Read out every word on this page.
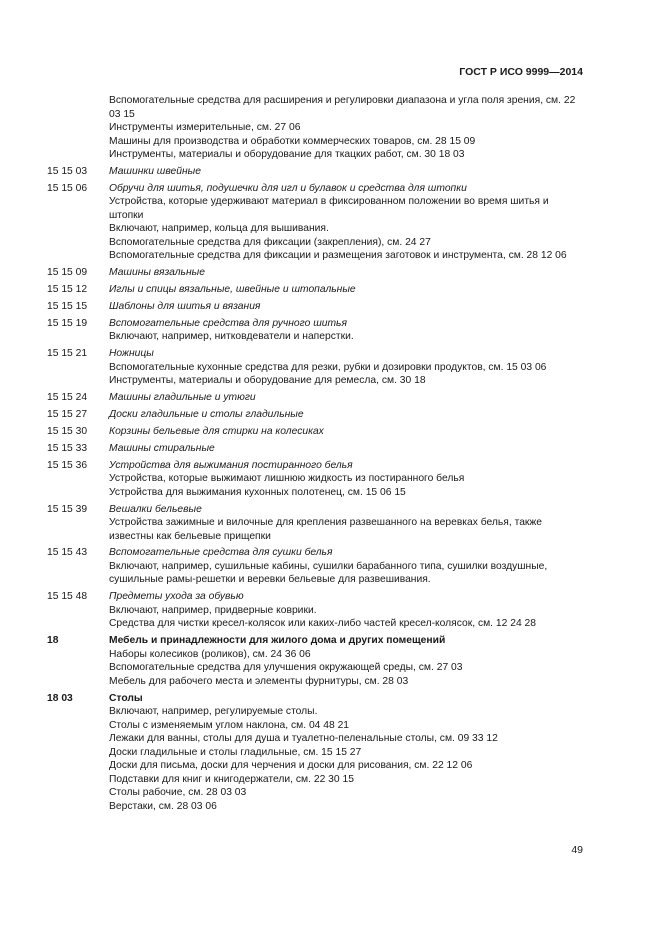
ГОСТ Р ИСО 9999—2014
Вспомогательные средства для расширения и регулировки диапазона и угла поля зрения, см. 22 03 15
Инструменты измерительные, см. 27 06
Машины для производства и обработки коммерческих товаров, см. 28 15 09
Инструменты, материалы и оборудование для ткацких работ, см. 30 18 03
15 15 03	Машинки швейные
15 15 06	Обручи для шитья, подушечки для игл и булавок и средства для штопки
Устройства, которые удерживают материал в фиксированном положении во время шитья и штопки
Включают, например, кольца для вышивания.
Вспомогательные средства для фиксации (закрепления), см. 24 27
Вспомогательные средства для фиксации и размещения заготовок и инструмента, см. 28 12 06
15 15 09	Машины вязальные
15 15 12	Иглы и спицы вязальные, швейные и штопальные
15 15 15	Шаблоны для шитья и вязания
15 15 19	Вспомогательные средства для ручного шитья
Включают, например, нитковдеватели и наперстки.
15 15 21	Ножницы
Вспомогательные кухонные средства для резки, рубки и дозировки продуктов, см. 15 03 06
Инструменты, материалы и оборудование для ремесла, см. 30 18
15 15 24	Машины гладильные и утюги
15 15 27	Доски гладильные и столы гладильные
15 15 30	Корзины бельевые для стирки на колесиках
15 15 33	Машины стиральные
15 15 36	Устройства для выжимания постиранного белья
Устройства, которые выжимают лишнюю жидкость из постиранного белья
Устройства для выжимания кухонных полотенец, см. 15 06 15
15 15 39	Вешалки бельевые
Устройства зажимные и вилочные для крепления развешанного на веревках белья, также известны как бельевые прищепки
15 15 43	Вспомогательные средства для сушки белья
Включают, например, сушильные кабины, сушилки барабанного типа, сушилки воздушные, сушильные рамы-решетки и веревки бельевые для развешивания.
15 15 48	Предметы ухода за обувью
Включают, например, придверные коврики.
Средства для чистки кресел-колясок или каких-либо частей кресел-колясок, см. 12 24 28
18	Мебель и принадлежности для жилого дома и других помещений
Наборы колесиков (роликов), см. 24 36 06
Вспомогательные средства для улучшения окружающей среды, см. 27 03
Мебель для рабочего места и элементы фурнитуры, см. 28 03
18 03	Столы
Включают, например, регулируемые столы.
Столы с изменяемым углом наклона, см. 04 48 21
Лежаки для ванны, столы для душа и туалетно-пеленальные столы, см. 09 33 12
Доски гладильные и столы гладильные, см. 15 15 27
Доски для письма, доски для черчения и доски для рисования, см. 22 12 06
Подставки для книг и книгодержатели, см. 22 30 15
Столы рабочие, см. 28 03 03
Верстаки, см. 28 03 06
49
